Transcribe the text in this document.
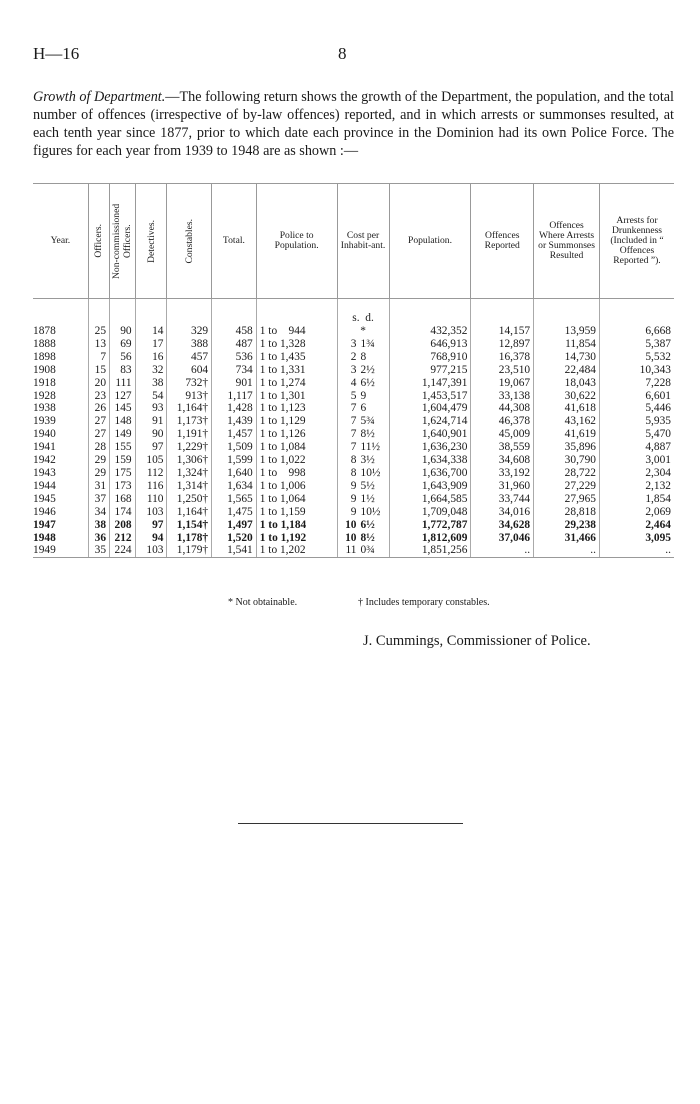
H—16	8

Growth of Department.—The following return shows the growth of the Department, the population, and the total number of offences (irrespective of by-law offences) reported, and in which arrests or summonses resulted, at each tenth year since 1877, prior to which date each province in the Dominion had its own Police Force. The figures for each year from 1939 to 1948 are as shown :—

Year.	Officers.	Non-commissioned Officers.	Detectives.	Constables.	Total.	Police to Population.	Cost per Inhabit-ant.	Population.	Offences Reported	Offences Where Arrests or Summonses Resulted	Arrests for Drunkenness (Included in “ Offences Reported ”).

							s. d.				
1878	25	90	14	329	458	1 to    944	*	432,352	14,157	13,959	6,668
1888	13	69	17	388	487	1 to 1,328	3 1¾	646,913	12,897	11,854	5,387
1898	7	56	16	457	536	1 to 1,435	2 8	768,910	16,378	14,730	5,532
1908	15	83	32	604	734	1 to 1,331	3 2½	977,215	23,510	22,484	10,343
1918	20	111	38	732†	901	1 to 1,274	4 6½	1,147,391	19,067	18,043	7,228
1928	23	127	54	913†	1,117	1 to 1,301	5 9	1,453,517	33,138	30,622	6,601
1938	26	145	93	1,164†	1,428	1 to 1,123	7 6	1,604,479	44,308	41,618	5,446
1939	27	148	91	1,173†	1,439	1 to 1,129	7 5¾	1,624,714	46,378	43,162	5,935
1940	27	149	90	1,191†	1,457	1 to 1,126	7 8½	1,640,901	45,009	41,619	5,470
1941	28	155	97	1,229†	1,509	1 to 1,084	7 11½	1,636,230	38,559	35,896	4,887
1942	29	159	105	1,306†	1,599	1 to 1,022	8 3½	1,634,338	34,608	30,790	3,001
1943	29	175	112	1,324†	1,640	1 to    998	8 10½	1,636,700	33,192	28,722	2,304
1944	31	173	116	1,314†	1,634	1 to 1,006	9 5½	1,643,909	31,960	27,229	2,132
1945	37	168	110	1,250†	1,565	1 to 1,064	9 1½	1,664,585	33,744	27,965	1,854
1946	34	174	103	1,164†	1,475	1 to 1,159	9 10½	1,709,048	34,016	28,818	2,069
1947	38	208	97	1,154†	1,497	1 to 1,184	10 6½	1,772,787	34,628	29,238	2,464
1948	36	212	94	1,178†	1,520	1 to 1,192	10 8½	1,812,609	37,046	31,466	3,095
1949	35	224	103	1,179†	1,541	1 to 1,202	11 0¾	1,851,256	..	..	..
* Not obtainable.	† Includes temporary constables.
J. Cummings, Commissioner of Police.
